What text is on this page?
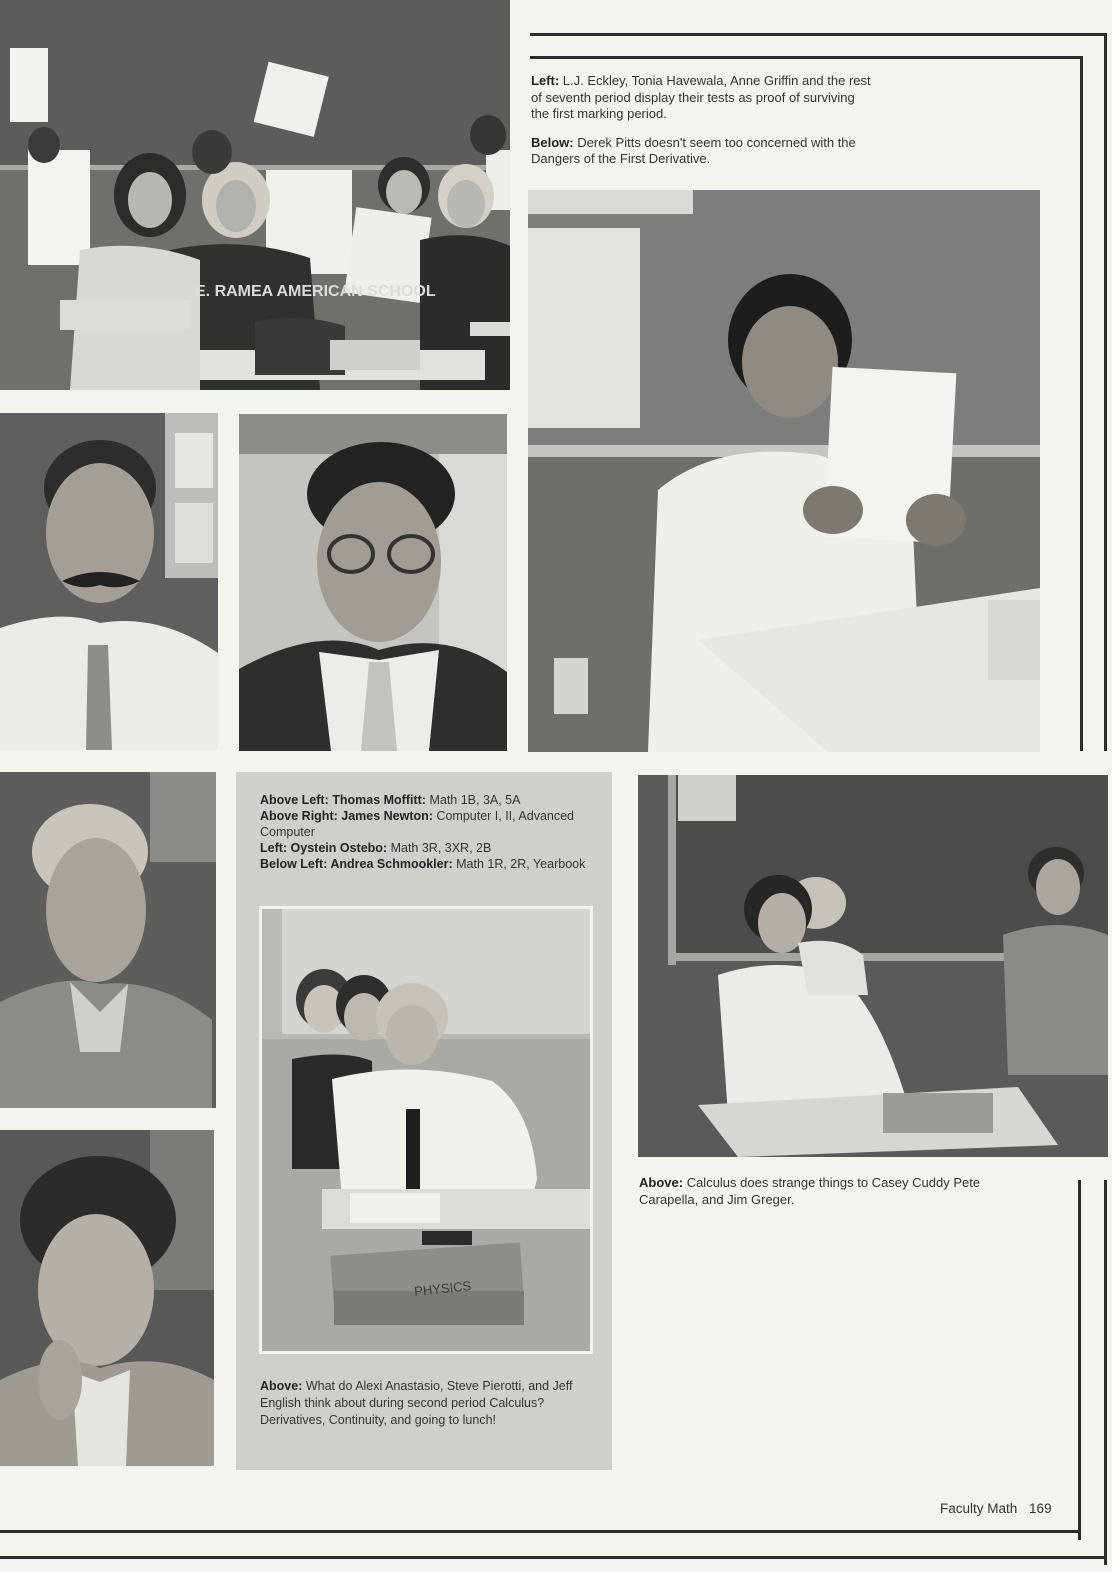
E. RAMEA AMERICAN SCHOOL

Left: L.J. Eckley, Tonia Havewala, Anne Griffin and the rest of seventh period display their tests as proof of surviving the first marking period.

Below: Derek Pitts doesn't seem too concerned with the Dangers of the First Derivative.

Above Left: Thomas Moffitt: Math 1B, 3A, 5A
Above Right: James Newton: Computer I, II, Advanced Computer
Left: Oystein Ostebo: Math 3R, 3XR, 2B
Below Left: Andrea Schmookler: Math 1R, 2R, Yearbook
PHYSICS
Above: What do Alexi Anastasio, Steve Pierotti, and Jeff English think about during second period Calculus? Derivatives, Continuity, and going to lunch!
Above: Calculus does strange things to Casey Cuddy Pete Carapella, and Jim Greger.
Faculty Math 169
